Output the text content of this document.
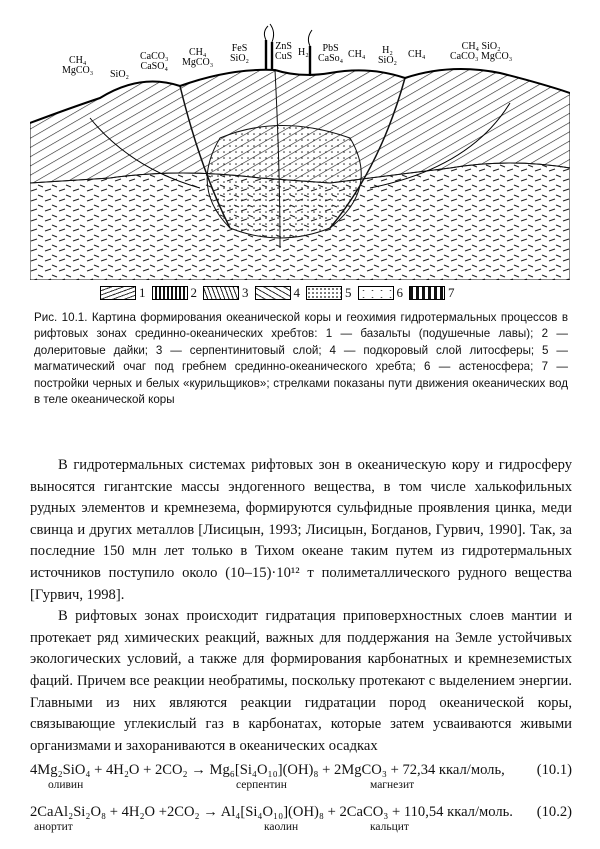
CH₄
MgCO₃ SiO₂
CaCO₃
CaSO₄
CH₄
MgCO₃
FeS
SiO₂
ZnS
CuS H₂	PbS
CaSo₄ CH₄	H₂
SiO₂
CH₄
CH₄ SiO₂
CaCO₃ MgCO₃
1	2	3	4	5	6	7
Рис. 10.1. Картина формирования океанической коры и геохимия гидротермальных процессов в рифтовых зонах срединно-океанических хребтов: 1 — базальты (подушечные лавы); 2 — долеритовые дайки; 3 — серпентинитовый слой; 4 — подкоровый слой литосферы; 5 — магматический очаг под гребнем срединно-океанического хребта; 6 — астеносфера; 7 — постройки черных и белых «курильщиков»; стрелками показаны пути движения океанических вод в теле океанической коры

В гидротермальных системах рифтовых зон в океаническую кору и гидросферу выносятся гигантские массы эндогенного вещества, в том числе халькофильных рудных элементов и кремнезема, формируются сульфидные проявления цинка, меди свинца и других металлов [Лисицын, 1993; Лисицын, Богданов, Гурвич, 1990]. Так, за последние 150 млн лет только в Тихом океане таким путем из гидротермальных источников поступило около (10–15)·10¹² т полиметаллического рудного вещества [Гурвич, 1998].

В рифтовых зонах происходит гидратация приповерхностных слоев мантии и протекает ряд химических реакций, важных для поддержания на Земле устойчивых экологических условий, а также для формирования карбонатных и кремнеземистых фаций. Причем все реакции необратимы, поскольку протекают с выделением энергии. Главными из них являются реакции гидратации пород океанической коры, связывающие углекислый газ в карбонатах, которые затем усваиваются живыми организмами и захораниваются в океанических осадках

4Mg₂SiO₄ + 4H₂O + 2CO₂ → Mg₆[Si₄O₁₀](OH)₈ + 2MgCO₃ + 72,34 ккал/моль, (10.1)
оливин	серпентин	магнезит
2CaAl₂Si₂O₈ + 4H₂O +2CO₂ → Al₄[Si₄O₁₀](OH)₈ + 2CaCO₃ + 110,54 ккал/моль. (10.2)
анортит	каолин	кальцит
